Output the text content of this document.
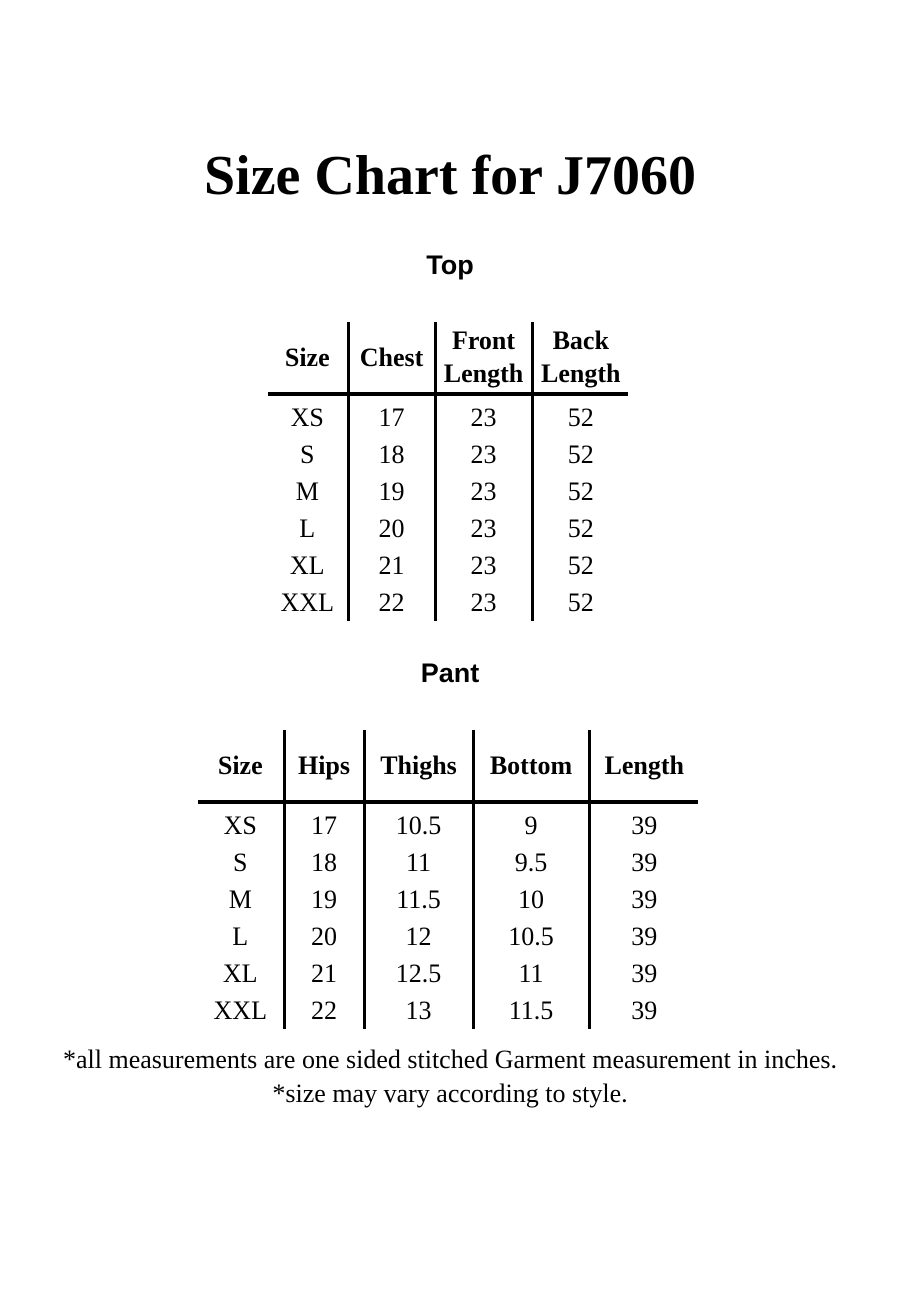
Size Chart for J7060
Top
Size	Chest	Front Length	Back Length
XS	17	23	52
S	18	23	52
M	19	23	52
L	20	23	52
XL	21	23	52
XXL	22	23	52
Pant
Size	Hips	Thighs	Bottom	Length
XS	17	10.5	9	39
S	18	11	9.5	39
M	19	11.5	10	39
L	20	12	10.5	39
XL	21	12.5	11	39
XXL	22	13	11.5	39

*all measurements are one sided stitched Garment measurement in inches.

*size may vary according to style.
